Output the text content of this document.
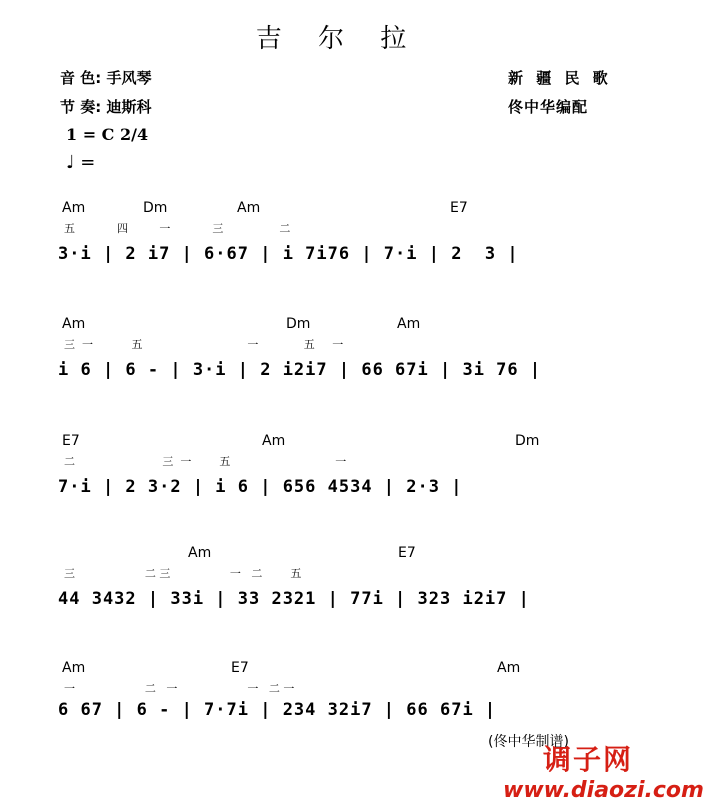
吉 尔 拉
音 色: 手风琴
节 奏: 迪斯科
新 疆 民 歌
佟中华编配
1 = C 2/4
♩ =
Am	Dm	Am	E7
五            四         一            三                二
3·i | 2 i7 | 6·67 | i 7i76 | 7·i | 2  3 |
Am	Dm	Am
三  一           五                              一             五     一
i 6 | 6 - | 3·i | 2 i2i7 | 66 67i | 3i 76 |
E7	Am	Dm
二                         三  一        五                              一
7·i | 2 3·2 | i 6 | 656 4534 | 2·3 |
Am	E7
三                    二 三                 一   二        五
44 3432 | 33i | 33 2321 | 77i | 323 i2i7 |
Am	E7	Am
一                    二   一                    一   二 一
6 67 | 6 - | 7·7i | 234 32i7 | 66 67i |
(佟中华制谱)
调子网
www.diaozi.com
